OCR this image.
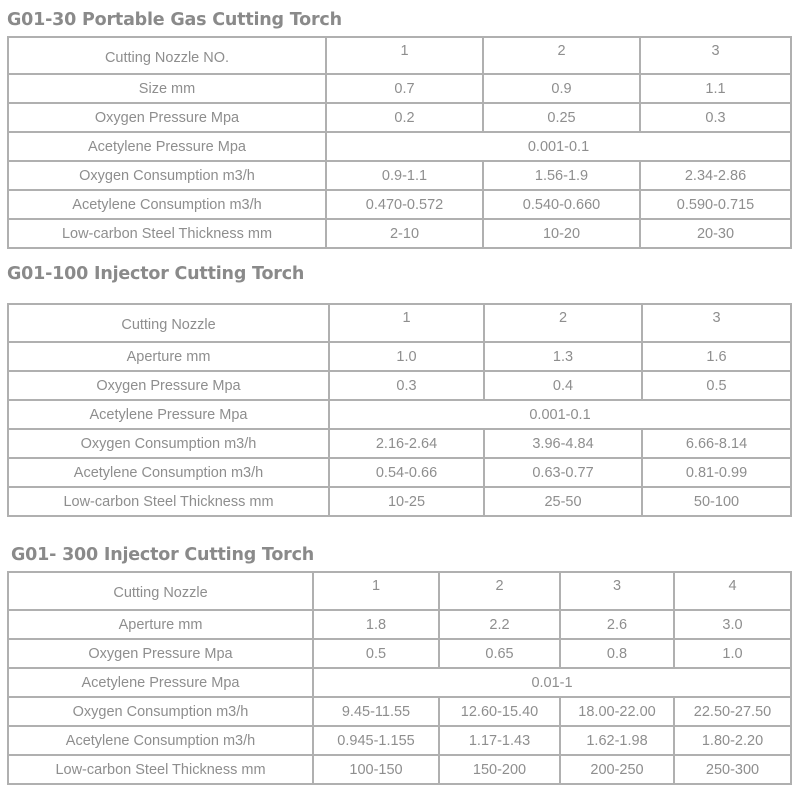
G01-30 Portable Gas Cutting Torch
Cutting Nozzle NO.	1	2	3
Size mm	0.7	0.9	1.1
Oxygen Pressure Mpa	0.2	0.25	0.3
Acetylene Pressure Mpa	0.001-0.1		
Oxygen Consumption m3/h	0.9-1.1	1.56-1.9	2.34-2.86
Acetylene Consumption m3/h	0.470-0.572	0.540-0.660	0.590-0.715
Low-carbon Steel Thickness mm	2-10	10-20	20-30
G01-100 Injector Cutting Torch
Cutting Nozzle	1	2	3
Aperture mm	1.0	1.3	1.6
Oxygen Pressure Mpa	0.3	0.4	0.5
Acetylene Pressure Mpa	0.001-0.1		
Oxygen Consumption m3/h	2.16-2.64	3.96-4.84	6.66-8.14
Acetylene Consumption m3/h	0.54-0.66	0.63-0.77	0.81-0.99
Low-carbon Steel Thickness mm	10-25	25-50	50-100
G01- 300 Injector Cutting Torch
Cutting Nozzle	1	2	3	4
Aperture mm	1.8	2.2	2.6	3.0
Oxygen Pressure Mpa	0.5	0.65	0.8	1.0
Acetylene Pressure Mpa	0.01-1			
Oxygen Consumption m3/h	9.45-11.55	12.60-15.40	18.00-22.00	22.50-27.50
Acetylene Consumption m3/h	0.945-1.155	1.17-1.43	1.62-1.98	1.80-2.20
Low-carbon Steel Thickness mm	100-150	150-200	200-250	250-300
